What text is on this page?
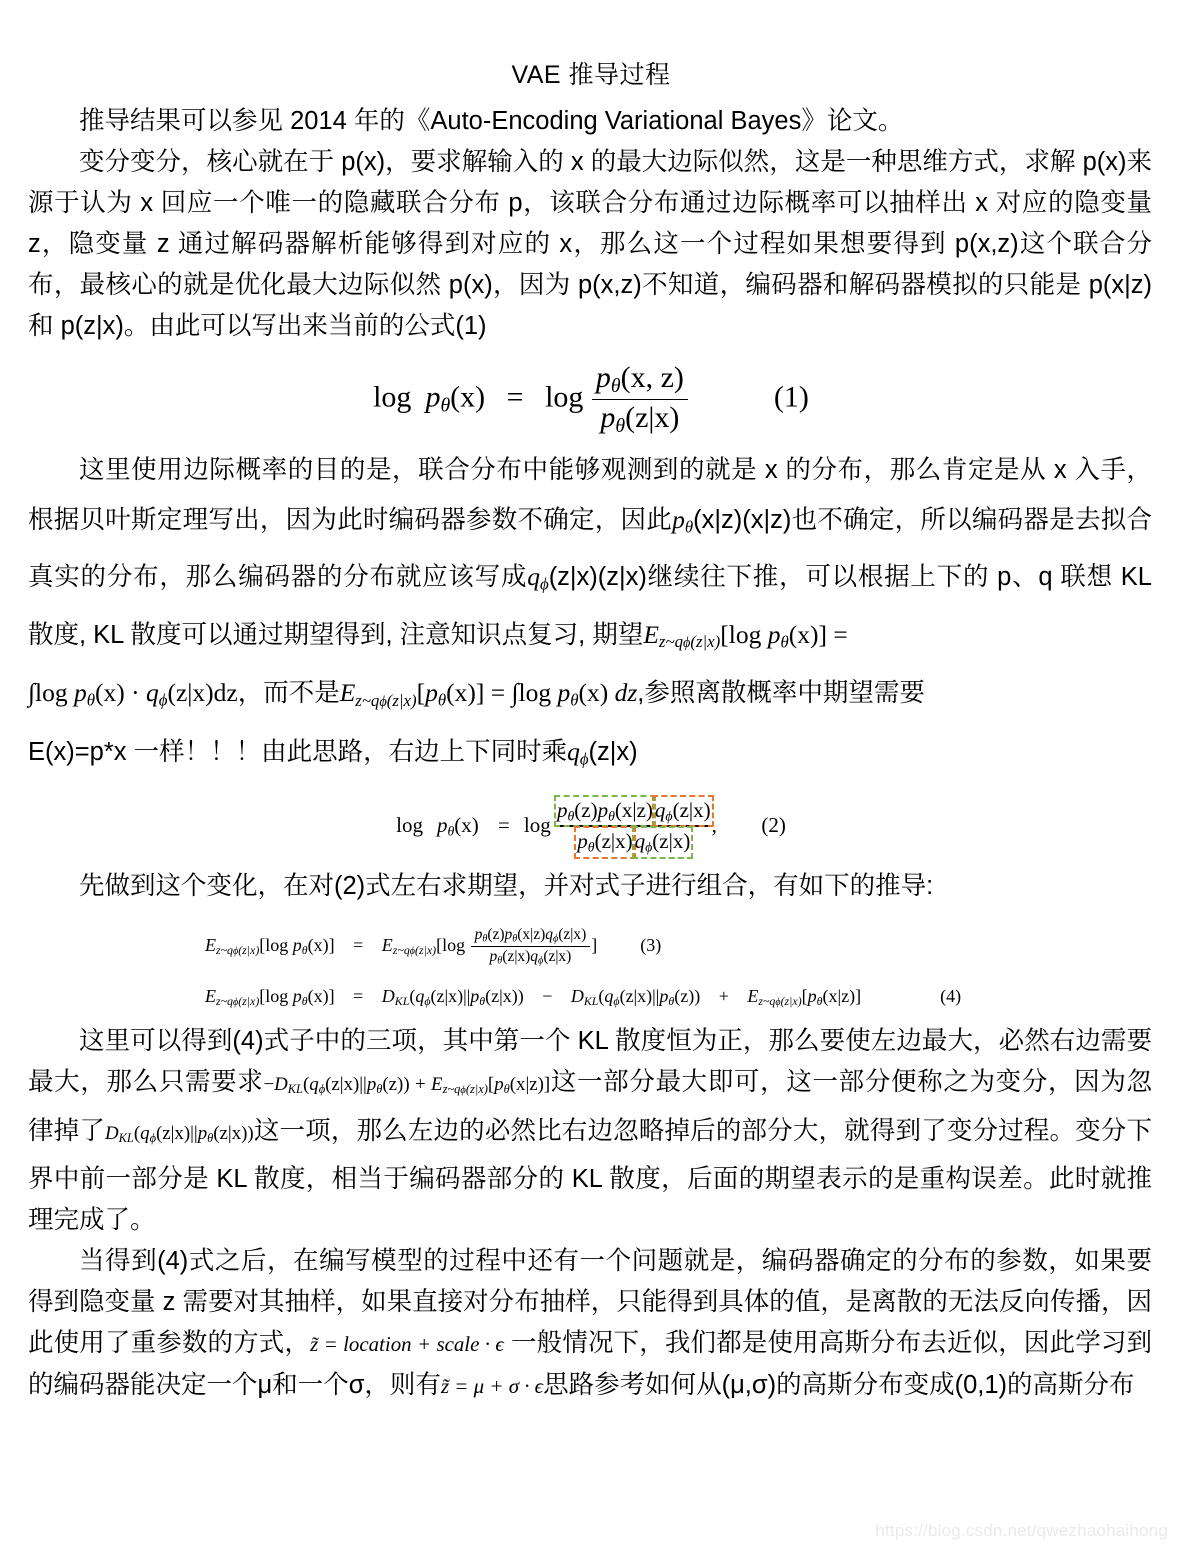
VAE 推导过程
推导结果可以参见 2014 年的《Auto-Encoding Variational Bayes》论文。
变分变分，核心就在于 p(x)，要求解输入的 x 的最大边际似然，这是一种思维方式，求解 p(x)来源于认为 x 回应一个唯一的隐藏联合分布 p，该联合分布通过边际概率可以抽样出 x 对应的隐变量 z，隐变量 z 通过解码器解析能够得到对应的 x，那么这一个过程如果想要得到 p(x,z)这个联合分布，最核心的就是优化最大边际似然 p(x)，因为 p(x,z)不知道，编码器和解码器模拟的只能是 p(x|z)和 p(z|x)。由此可以写出来当前的公式(1)
$\log p_\theta(x) = \log \frac{p_\theta(x, z)}{p_\theta(z|x)}$	(1)
这里使用边际概率的目的是，联合分布中能够观测到的就是 x 的分布，那么肯定是从 x 入手，根据贝叶斯定理写出，因为此时编码器参数不确定，因此$p_\theta(x|z)(x|z)$也不确定，所以编码器是去拟合真实的分布，那么编码器的分布就应该写成$q_\phi(z|x)(z|x)$继续往下推，可以根据上下的 p、q 联想 KL 散度, KL 散度可以通过期望得到, 注意知识点复习, 期望$E_{z\sim q\phi(z|x)}[\log$ $p_\theta(x)$] =
∫log $p_\theta(x) \cdot q_\phi(z|x)dz$，而不是$E_{z\sim q\phi(z|x)}[p_\theta(x)] = \int\log$ $p_\theta(x)$ dz,参照离散概率中期望需要
E(x)=p*x 一样！！！由此思路，右边上下同时乘$q_\phi(z|x)$
$\log p_\theta(x) = \log \frac{p_\theta(z)p_\theta(x|z) q_\phi(z|x)}{p_\theta(z|x) q_\phi(z|x)}$ , (2)
先做到这个变化，在对(2)式左右求期望，并对式子进行组合，有如下的推导:
$E_{z\sim q\phi(z|x)}[\log$ $p_\theta(x)] = E_{z\sim q\phi(z|x)}[\log \frac{p_\theta(z)p_\theta(x|z)q_\phi(z|x)}{p_\theta(z|x)q_\phi(z|x)}$ ]  (3)
$E_{z\sim q\phi(z|x)}[\log$ $p_\theta(x)] = D_{KL}(q_\phi(z|x)||p_\theta(z|x)) - D_{KL}(q_\phi(z|x)||p_\theta(z)) + E_{z\sim q\phi(z|x)}[p_\theta(x|z)]$	(4)
这里可以得到(4)式子中的三项，其中第一个 KL 散度恒为正，那么要使左边最大，必然右边需要最大，那么只需要求$-D_{KL}(q_\phi(z|x)||p_\theta(z)) + E_{z\sim q\phi(z|x)}[p_\theta(x|z)]$这一部分最大即可，这一部分便称之为变分，因为忽律掉了$D_{KL}(q_\phi(z|x)||p_\theta(z|x))$这一项，那么左边的必然比右边忽略掉后的部分大，就得到了变分过程。变分下界中前一部分是 KL 散度，相当于编码器部分的 KL 散度，后面的期望表示的是重构误差。此时就推理完成了。
当得到(4)式之后，在编写模型的过程中还有一个问题就是，编码器确定的分布的参数，如果要得到隐变量 z 需要对其抽样，如果直接对分布抽样，只能得到具体的值，是离散的无法反向传播，因此使用了重参数的方式，z̃ = location + scale · ϵ 一般情况下，我们都是使用高斯分布去近似，因此学习到的编码器能决定一个μ和一个σ，则有z̃ = μ + σ · ϵ思路参考如何从(μ,σ)的高斯分布变成(0,1)的高斯分布
https://blog.csdn.net/qwezhaohaihong
